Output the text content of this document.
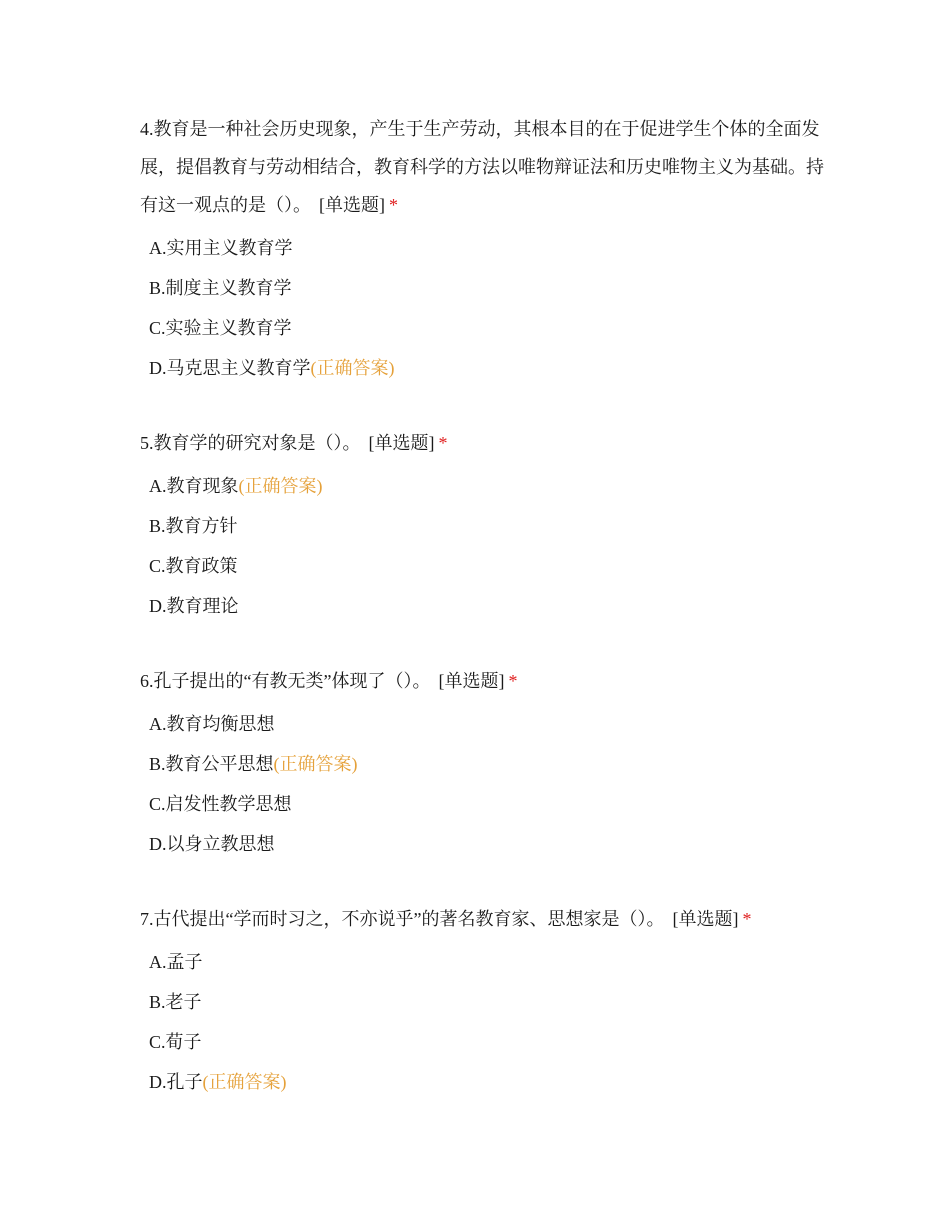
4.教育是一种社会历史现象，产生于生产劳动，其根本目的在于促进学生个体的全面发展，提倡教育与劳动相结合，教育科学的方法以唯物辩证法和历史唯物主义为基础。持有这一观点的是（）。 [单选题] *
A.实用主义教育学
B.制度主义教育学
C.实验主义教育学
D.马克思主义教育学(正确答案)
5.教育学的研究对象是（）。 [单选题] *
A.教育现象(正确答案)
B.教育方针
C.教育政策
D.教育理论
6.孔子提出的“有教无类”体现了（）。 [单选题] *
A.教育均衡思想
B.教育公平思想(正确答案)
C.启发性教学思想
D.以身立教思想
7.古代提出“学而时习之，不亦说乎”的著名教育家、思想家是（）。 [单选题] *
A.孟子
B.老子
C.荀子
D.孔子(正确答案)
